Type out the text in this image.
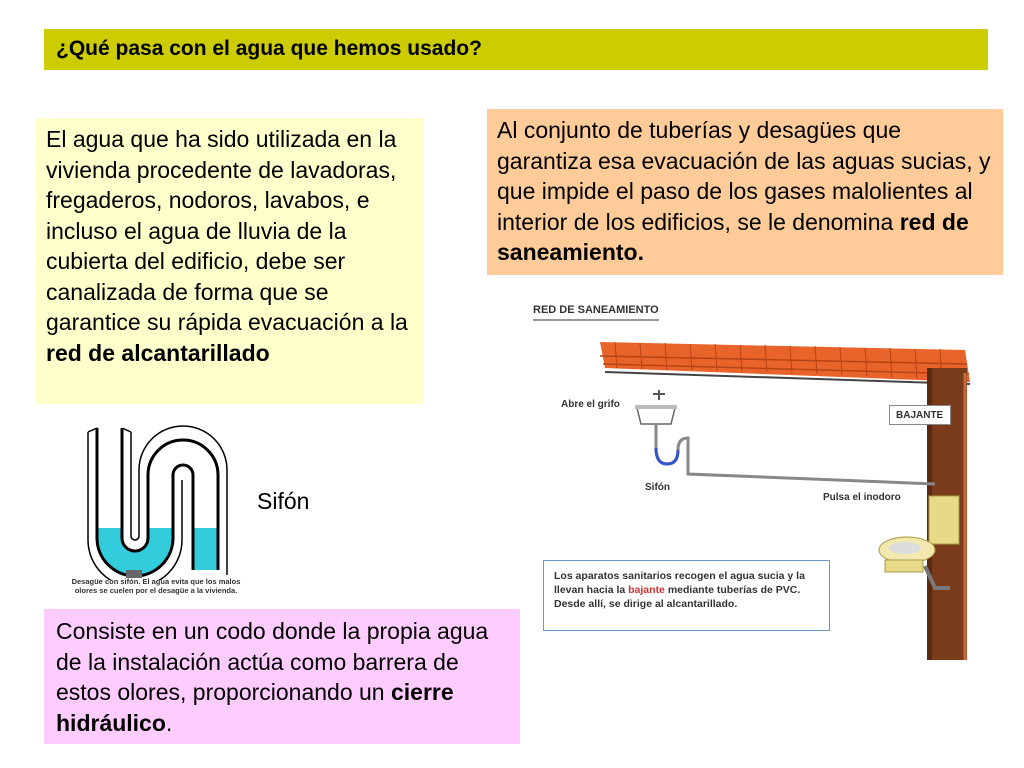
¿Qué pasa con el agua que hemos usado?
El agua que ha sido utilizada en la vivienda procedente de lavadoras, fregaderos, nodoros, lavabos, e incluso el agua de lluvia de la cubierta del edificio, debe ser canalizada de forma que se garantice su rápida evacuación a la red de alcantarillado
Al conjunto de tuberías y desagües que garantiza esa evacuación de las aguas sucias, y que impide el paso de los gases malolientes al interior de los edificios, se le denomina red de saneamiento.
Desagüe con sifón. El agua evita que los malos olores se cuelen por el desagüe a la vivienda.
Sifón
RED DE SANEAMIENTO
Abre el grifo
Sifón
BAJANTE
Pulsa el inodoro
Los aparatos sanitarios recogen el agua sucia y la llevan hacia la bajante mediante tuberías de PVC. Desde allí, se dirige al alcantarillado.
Consiste en un codo donde la propia agua de la instalación actúa como barrera de estos olores, proporcionando un cierre hidráulico.
